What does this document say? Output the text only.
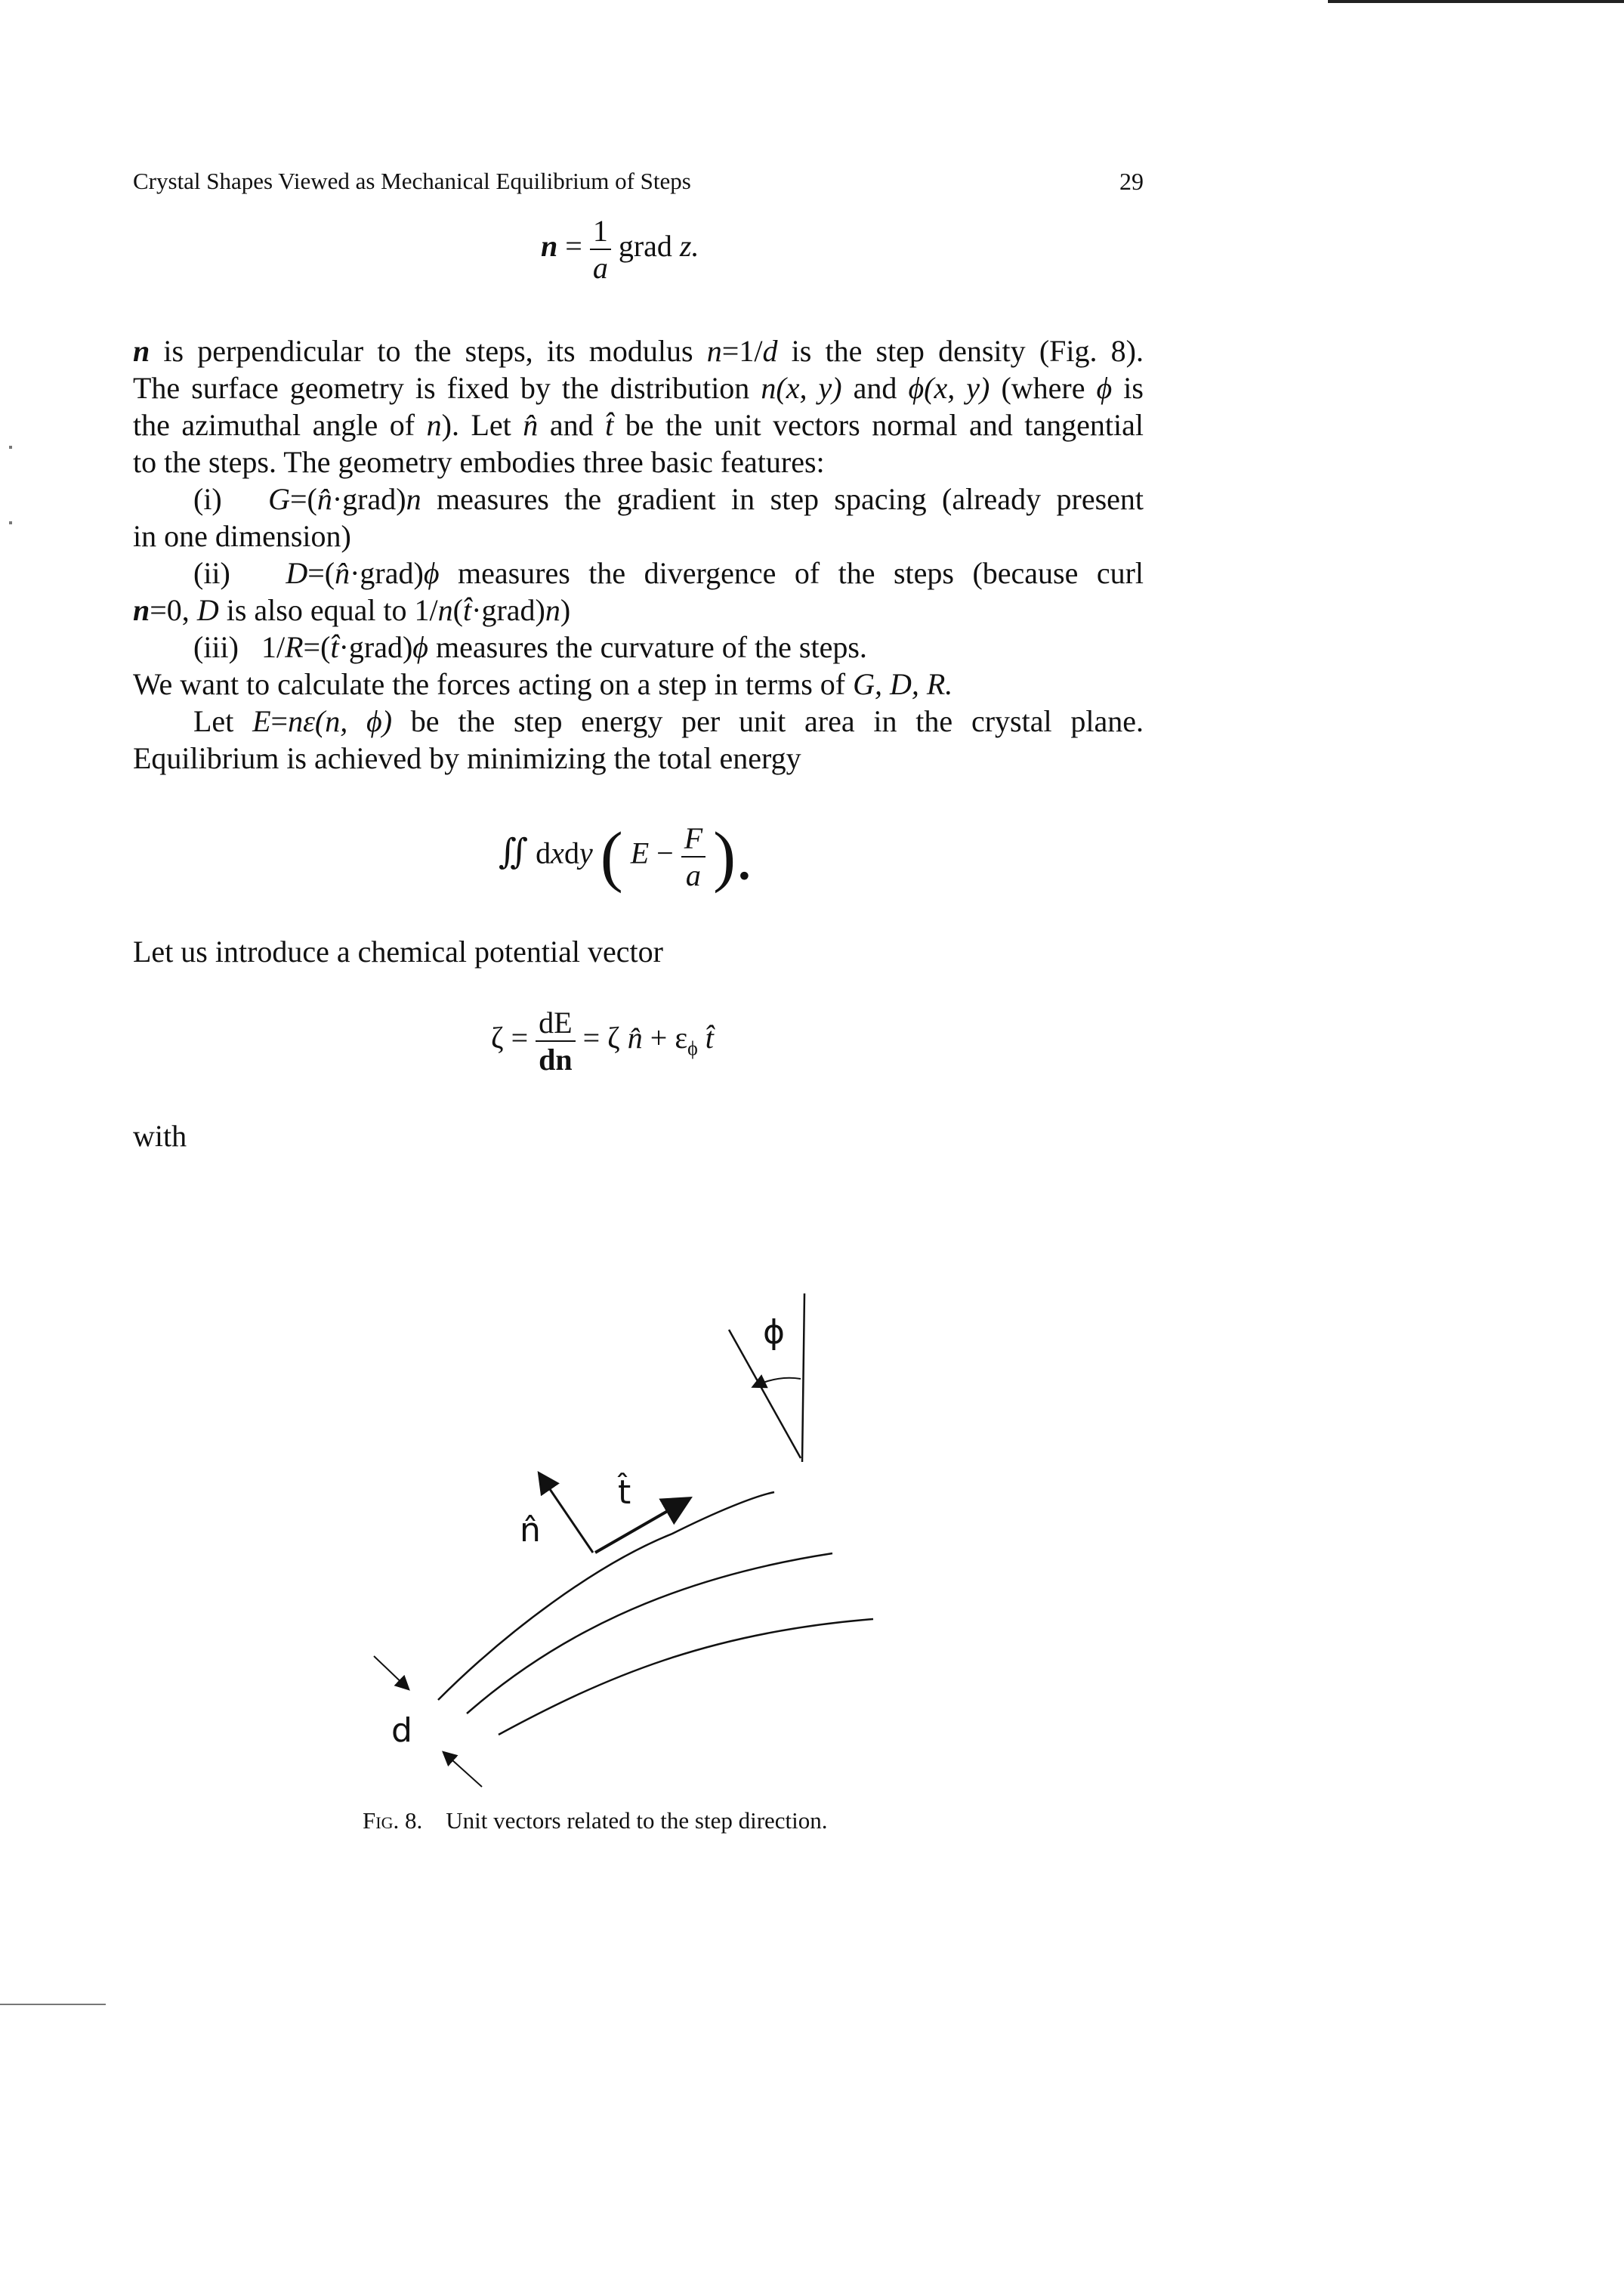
Crystal Shapes Viewed as Mechanical Equilibrium of Steps	29
$n = \frac{1}{a}$ grad z.
n is perpendicular to the steps, its modulus n=1/d is the step density (Fig. 8).
The surface geometry is fixed by the distribution n(x, y) and ϕ(x, y) (where ϕ is
the azimuthal angle of n). Let n̂ and t̂ be the unit vectors normal and tangential
to the steps. The geometry embodies three basic features:
(i) G=(n̂·grad)n measures the gradient in step spacing (already present
in one dimension)
(ii) D=(n̂·grad)ϕ measures the divergence of the steps (because curl
n=0, D is also equal to 1/n(t̂·grad)n)
(iii) 1/R=(t̂·grad)ϕ measures the curvature of the steps.
We want to calculate the forces acting on a step in terms of G, D, R.
Let E=nε(n, ϕ) be the step energy per unit area in the crystal plane.
Equilibrium is achieved by minimizing the total energy
∬ dxdy ( $E - \frac{F}{a}$ ).
Let us introduce a chemical potential vector
$\zeta = \frac{dE}{dn} = \zeta$ n̂ + $\varepsilon_\phi$ t̂
with
ϕ
t̂
n̂
d
Fig. 8. Unit vectors related to the step direction.
